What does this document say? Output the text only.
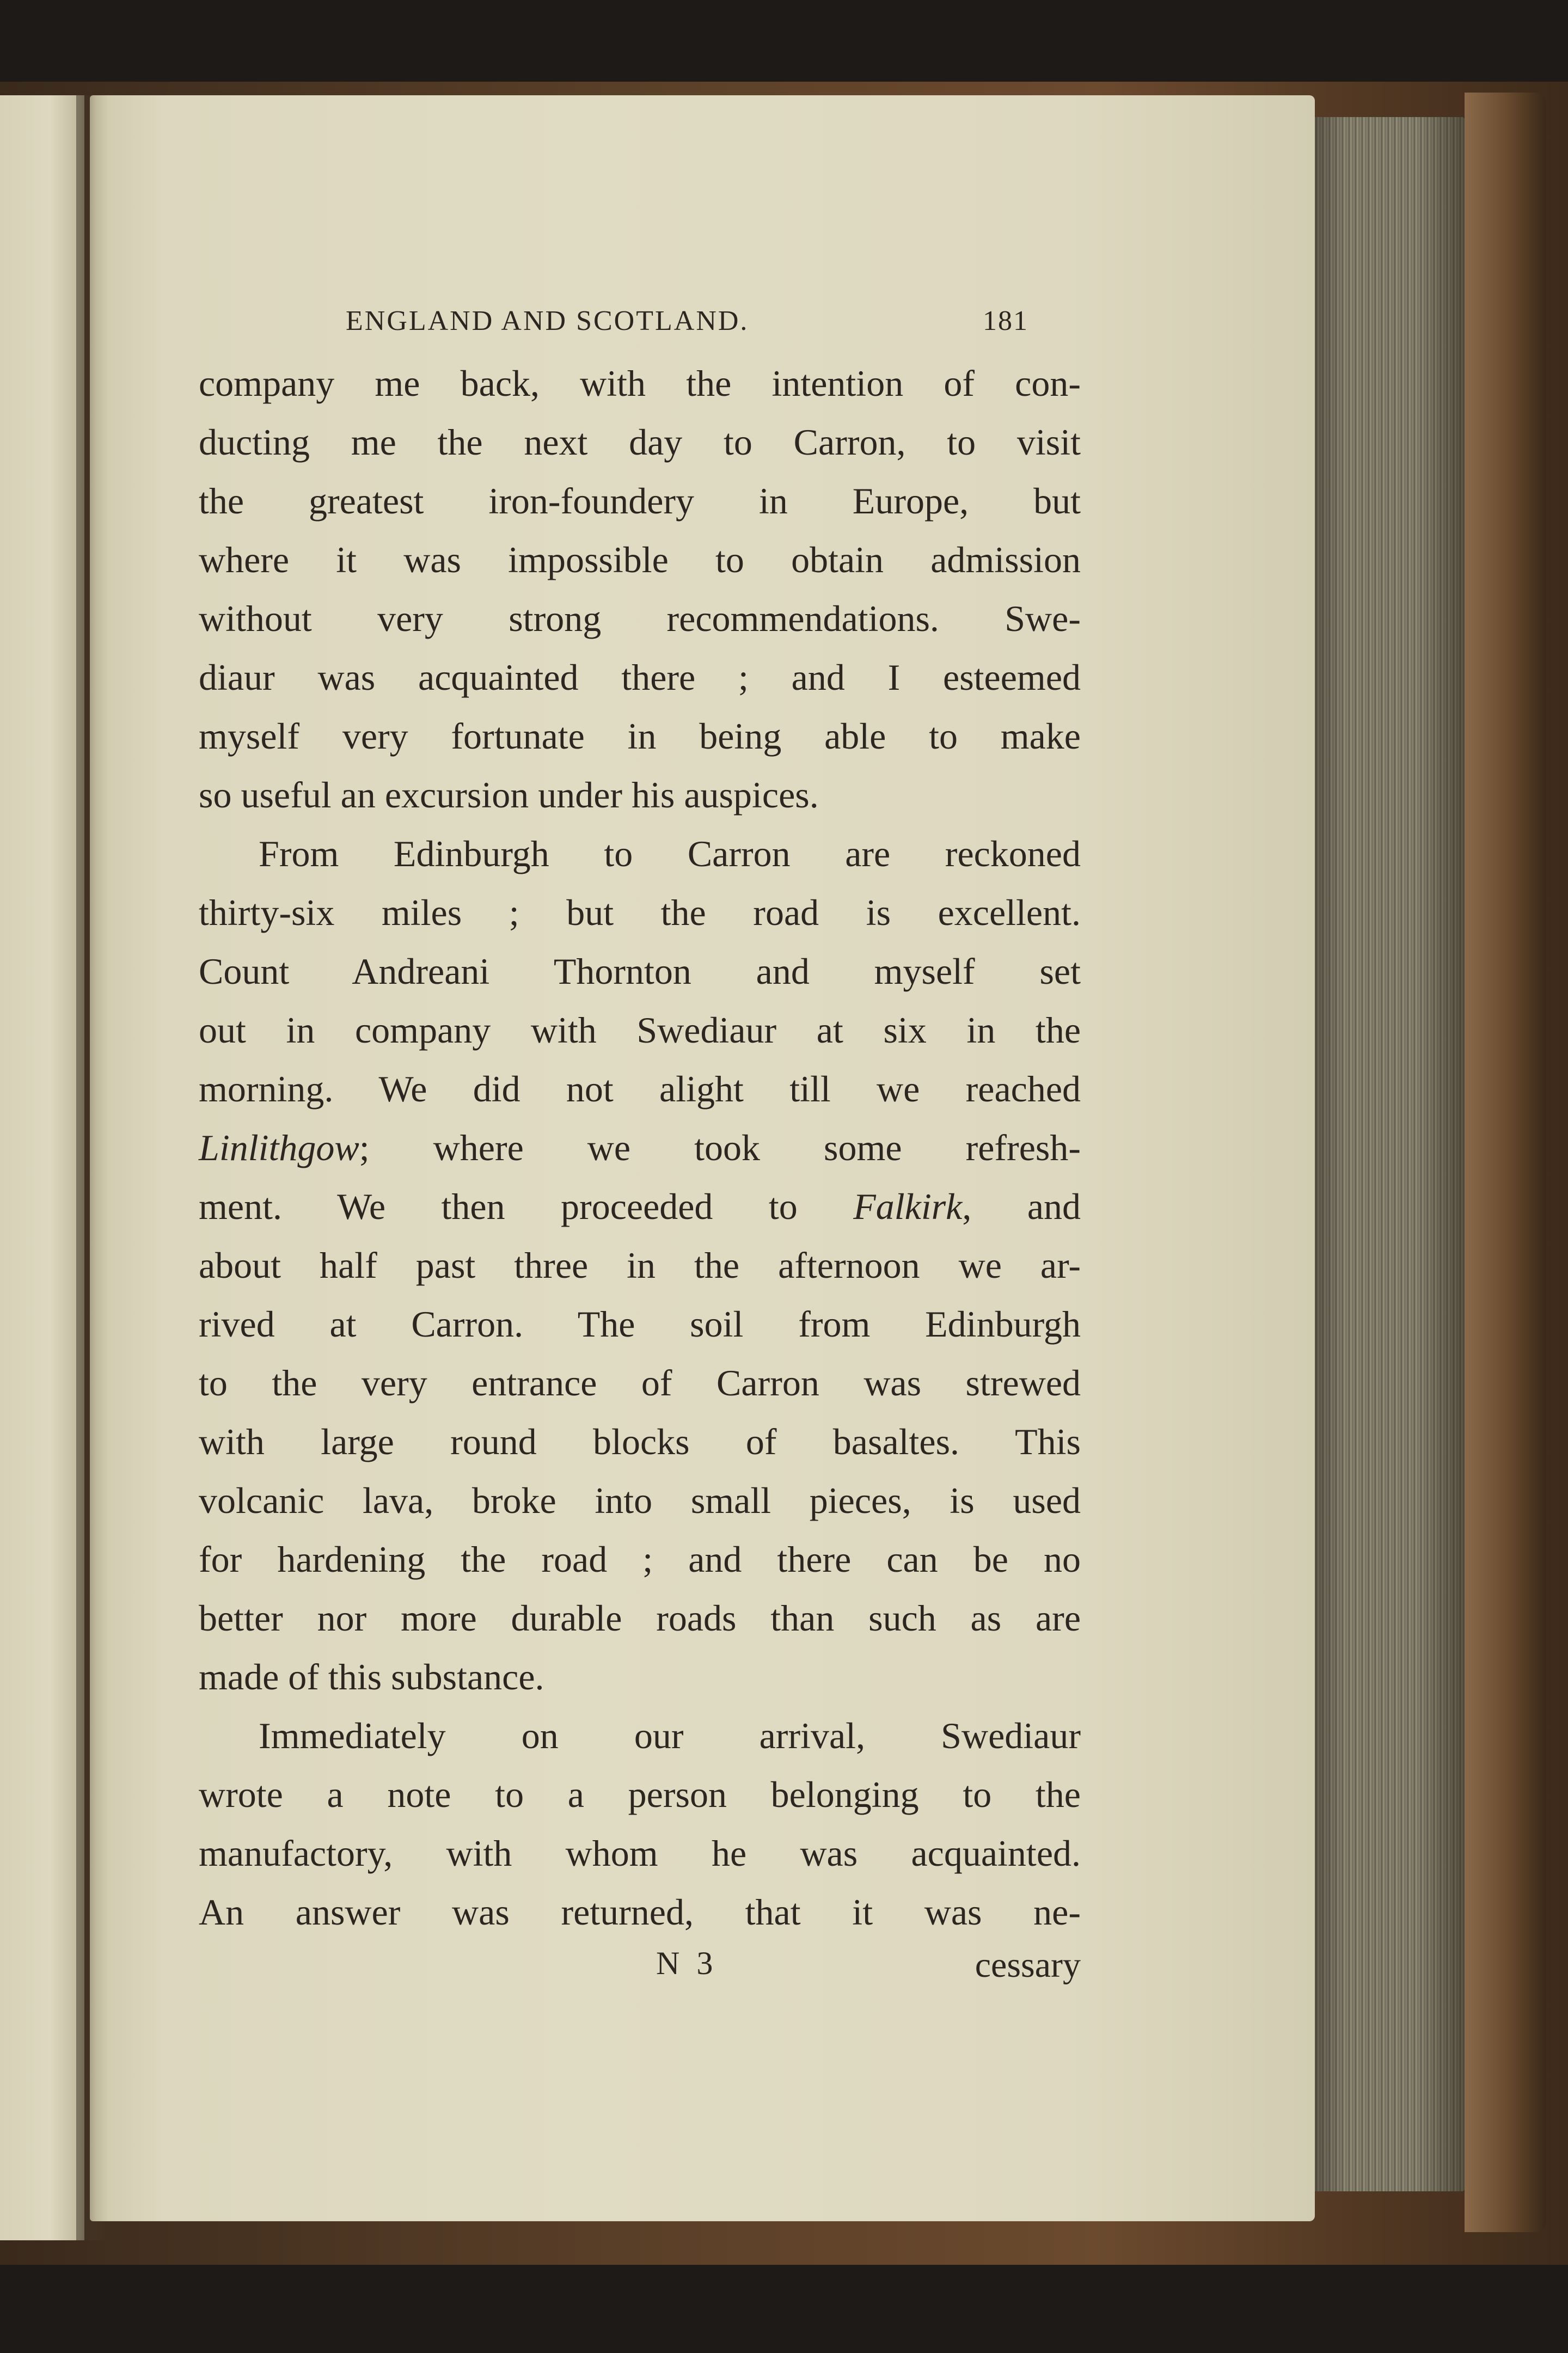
ENGLAND AND SCOTLAND.	181
company me back, with the intention of con-
ducting me the next day to Carron, to visit
the greatest iron-foundery in Europe, but
where it was impossible to obtain admission
without very strong recommendations. Swe-
diaur was acquainted there ; and I esteemed
myself very fortunate in being able to make
so useful an excursion under his auspices.
From Edinburgh to Carron are reckoned
thirty-six miles ; but the road is excellent.
Count Andreani Thornton and myself set
out in company with Swediaur at six in the
morning. We did not alight till we reached
Linlithgow; where we took some refresh-
ment. We then proceeded to Falkirk, and
about half past three in the afternoon we ar-
rived at Carron. The soil from Edinburgh
to the very entrance of Carron was strewed
with large round blocks of basaltes. This
volcanic lava, broke into small pieces, is used
for hardening the road ; and there can be no
better nor more durable roads than such as are
made of this substance.
Immediately on our arrival, Swediaur
wrote a note to a person belonging to the
manufactory, with whom he was acquainted.
An answer was returned, that it was ne-
N 3	cessary
